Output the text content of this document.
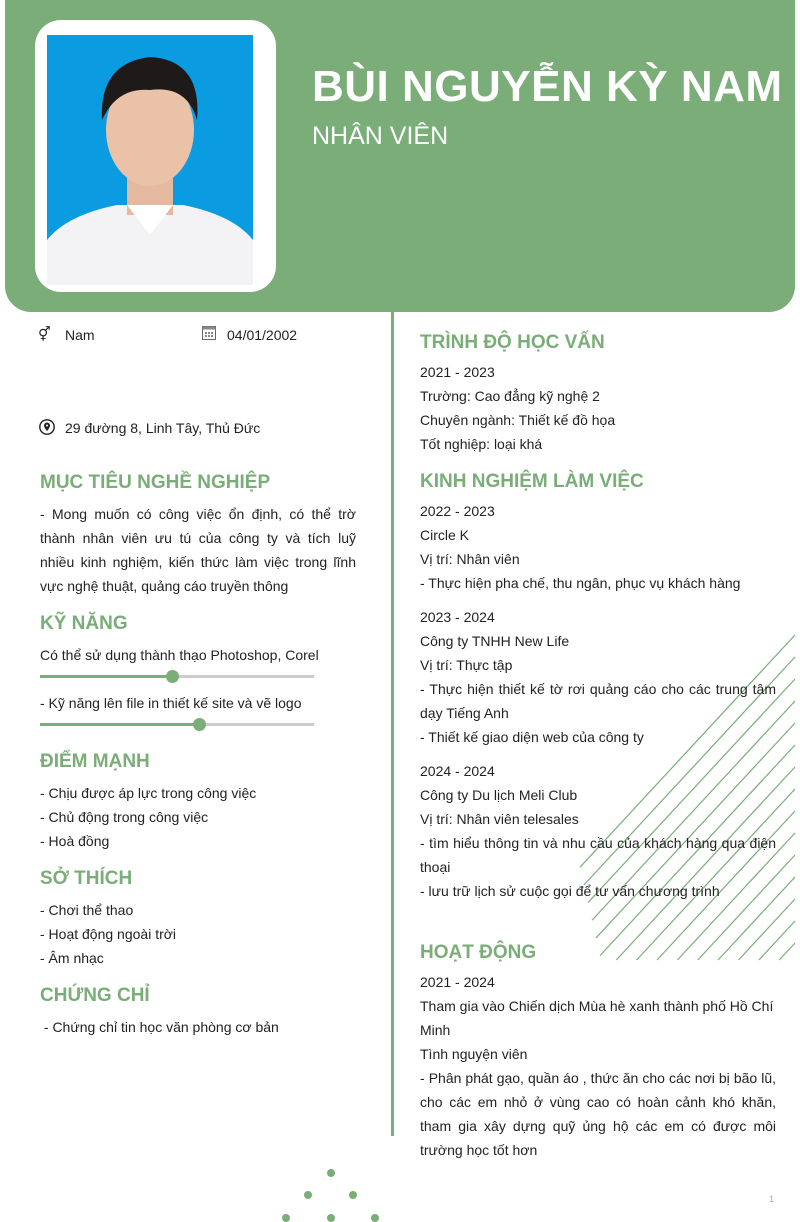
BÙI NGUYỄN KỲ NAM
NHÂN VIÊN
⚥ Nam	04/01/2002
29 đường 8, Linh Tây, Thủ Đức
MỤC TIÊU NGHỀ NGHIỆP
- Mong muốn có công việc ổn định, có thể trờ thành nhân viên ưu tú của công ty và tích luỹ nhiều kinh nghiệm, kiến thức làm việc trong lĩnh vực nghệ thuật, quảng cáo truyền thông
KỸ NĂNG
Có thể sử dụng thành thạo Photoshop, Corel
- Kỹ năng lên file in thiết kế site và vẽ logo
ĐIỂM MẠNH
- Chịu được áp lực trong công việc
- Chủ động trong công việc
- Hoà đồng
SỞ THÍCH
- Chơi thể thao
- Hoạt động ngoài trời
- Âm nhạc
CHỨNG CHỈ
- Chứng chỉ tin học văn phòng cơ bản
TRÌNH ĐỘ HỌC VẤN
2021 - 2023
Trường: Cao đẳng kỹ nghệ 2
Chuyên ngành: Thiết kế đồ họa
Tốt nghiệp: loại khá
KINH NGHIỆM LÀM VIỆC
2022 - 2023
Circle K
Vị trí: Nhân viên
- Thực hiện pha chế, thu ngân, phục vụ khách hàng
2023 - 2024
Công ty TNHH New Life
Vị trí: Thực tập
- Thực hiện thiết kế tờ rơi quảng cáo cho các trung tâm dạy Tiếng Anh
- Thiết kế giao diện web của công ty
2024 - 2024
Công ty Du lịch Meli Club
Vị trí: Nhân viên telesales
- tìm hiểu thông tin và nhu cầu của khách hàng qua điện thoại
- lưu trữ lịch sử cuộc gọi để tư vấn chương trình
HOẠT ĐỘNG
2021 - 2024
Tham gia vào Chiến dịch Mùa hè xanh thành phố Hồ Chí Minh
Tình nguyện viên
- Phân phát gạo, quần áo , thức ăn cho các nơi bị bão lũ, cho các em nhỏ ở vùng cao có hoàn cảnh khó khăn, tham gia xây dựng quỹ ủng hộ các em có được môi trường học tốt hơn
1
